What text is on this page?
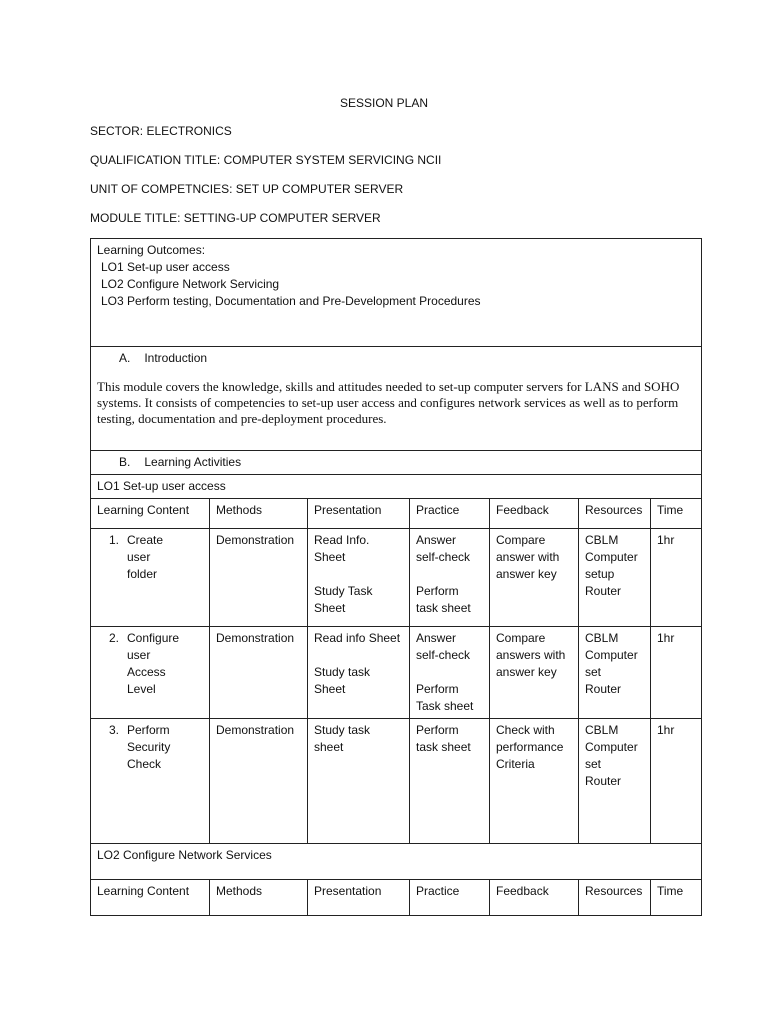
SESSION PLAN
SECTOR: ELECTRONICS
QUALIFICATION TITLE: COMPUTER SYSTEM SERVICING NCII
UNIT OF COMPETNCIES: SET UP COMPUTER SERVER
MODULE TITLE: SETTING-UP COMPUTER SERVER
Learning Outcomes:
LO1 Set-up user access
LO2 Configure Network Servicing
LO3 Perform testing, Documentation and Pre-Development Procedures						

A. Introduction
This module covers the knowledge, skills and attitudes needed to set-up computer servers for LANS and SOHO systems. It consists of competencies to set-up user access and configures network services as well as to perform testing, documentation and pre-deployment procedures.						

B. Learning Activities						

LO1 Set-up user access						
Learning Content	Methods	Presentation	Practice	Feedback	Resources	Time
1. Create
user
folder	Demonstration	Read Info.
Sheet
Study Task
Sheet	Answer
self-check
Perform
task sheet	Compare
answer with
answer key	CBLM
Computer
setup
Router	1hr

2. Configure
user
Access
Level	Demonstration	Read info Sheet
Study task
Sheet	Answer
self-check
Perform
Task sheet	Compare
answers with
answer key	CBLM
Computer
set
Router	1hr

3. Perform
Security
Check	Demonstration	Study task
sheet	Perform
task sheet	Check with
performance
Criteria	CBLM
Computer
set
Router	1hr

LO2 Configure Network Services						
Learning Content	Methods	Presentation	Practice	Feedback	Resources	Time
